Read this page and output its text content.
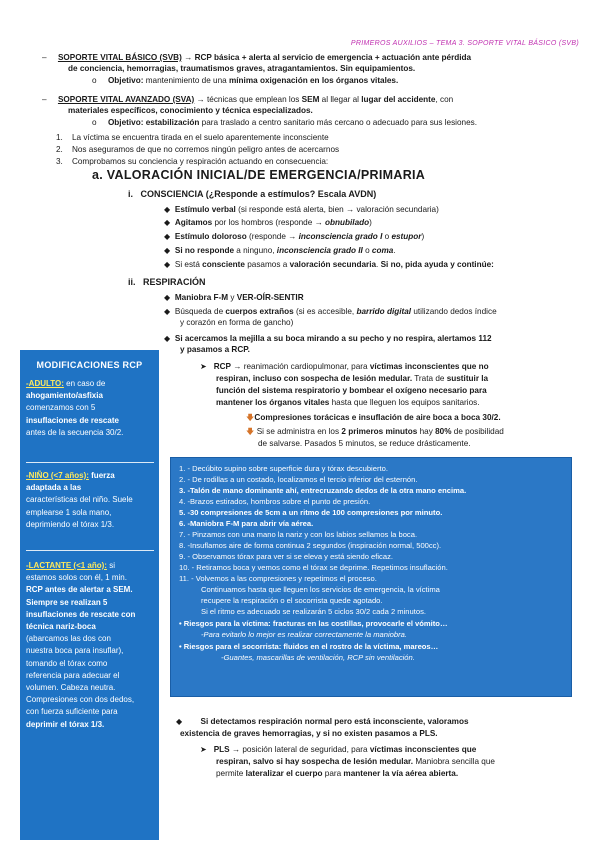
PRIMEROS AUXILIOS – TEMA 3. SOPORTE VITAL BÁSICO (SVB)
– SOPORTE VITAL BÁSICO (SVB) → RCP básica + alerta al servicio de emergencia + actuación ante pérdida
de conciencia, hemorragias, traumatismos graves, atragantamientos. Sin equipamientos.
o Objetivo: mantenimiento de una mínima oxigenación en los órganos vitales.
– SOPORTE VITAL AVANZADO (SVA) → técnicas que emplean los SEM al llegar al lugar del accidente, con
materiales específicos, conocimiento y técnica especializados.
o Objetivo: estabilización para traslado a centro sanitario más cercano o adecuado para sus lesiones.
1. La víctima se encuentra tirada en el suelo aparentemente inconsciente
2. Nos aseguramos de que no corremos ningún peligro antes de acercarnos
3. Comprobamos su conciencia y respiración actuando en consecuencia:
a. VALORACIÓN INICIAL/DE EMERGENCIA/PRIMARIA
i. CONSCIENCIA (¿Responde a estímulos? Escala AVDN)
◆  Estímulo verbal (si responde está alerta, bien → valoración secundaria)
◆  Agitamos por los hombros (responde → obnubilado)
◆  Estímulo doloroso (responde → inconsciencia grado I o estupor)
◆  Si no responde a ninguno, inconsciencia grado II o coma.
◆  Si está consciente pasamos a valoración secundaria. Si no, pida ayuda y continúe:
ii. RESPIRACIÓN
◆  Maniobra F-M y VER-OÍR-SENTIR
◆  Búsqueda de cuerpos extraños (si es accesible, barrido digital utilizando dedos índice
y corazón en forma de gancho)
◆  Si acercamos la mejilla a su boca mirando a su pecho y no respira, alertamos 112
y pasamos a RCP.
➤ RCP → reanimación cardiopulmonar, para víctimas inconscientes que no
respiran, incluso con sospecha de lesión medular. Trata de sustituir la
función del sistema respiratorio y bombear el oxígeno necesario para
mantener los órganos vitales hasta que lleguen los equipos sanitarios.
🡇Compresiones torácicas e insuflación de aire boca a boca 30/2.
🡇 Si se administra en los 2 primeros minutos hay 80% de posibilidad
de salvarse. Pasados 5 minutos, se reduce drásticamente.
MODIFICACIONES RCP
-ADULTO: en caso de
ahogamiento/asfixia
comenzamos con 5
insuflaciones de rescate
antes de la secuencia 30/2.
-NIÑO (<7 años): fuerza
adaptada a las
características del niño. Suele
emplearse 1 sola mano,
deprimiendo el tórax 1/3.
-LACTANTE (<1 año): si
estamos solos con él, 1 min.
RCP antes de alertar a SEM.
Siempre se realizan 5
insuflaciones de rescate con
técnica nariz-boca
(abarcamos las dos con
nuestra boca para insuflar),
tomando el tórax como
referencia para adecuar el
volumen. Cabeza neutra.
Compresiones con dos dedos,
con fuerza suficiente para
deprimir el tórax 1/3.
1. - Decúbito supino sobre superficie dura y tórax descubierto.
2. - De rodillas a un costado, localizamos el tercio inferior del esternón.
3. -Talón de mano dominante ahí, entrecruzando dedos de la otra mano encima.
4. -Brazos estirados, hombros sobre el punto de presión.
5. -30 compresiones de 5cm a un ritmo de 100 compresiones por minuto.
6. -Maniobra F-M para abrir vía aérea.
7. - Pinzamos con una mano la nariz y con los labios sellamos la boca.
8. -Insuflamos aire de forma continua 2 segundos (inspiración normal, 500cc).
9. - Observamos tórax para ver si se eleva y está siendo eficaz.
10. - Retiramos boca y vemos como el tórax se deprime. Repetimos insuflación.
11. - Volvemos a las compresiones y repetimos el proceso.
Continuamos hasta que lleguen los servicios de emergencia, la víctima
recupere la respiración o el socorrista quede agotado.
Si el ritmo es adecuado se realizarán 5 ciclos 30/2 cada 2 minutos.
• Riesgos para la víctima: fracturas en las costillas, provocarle el vómito…
-Para evitarlo lo mejor es realizar correctamente la maniobra.
• Riesgos para el socorrista: fluidos en el rostro de la víctima, mareos…
-Guantes, mascarillas de ventilación, RCP sin ventilación.
◆ Si detectamos respiración normal pero está inconsciente, valoramos
existencia de graves hemorragias, y si no existen pasamos a PLS.
➤ PLS → posición lateral de seguridad, para víctimas inconscientes que
respiran, salvo si hay sospecha de lesión medular. Maniobra sencilla que
permite lateralizar el cuerpo para mantener la vía aérea abierta.
